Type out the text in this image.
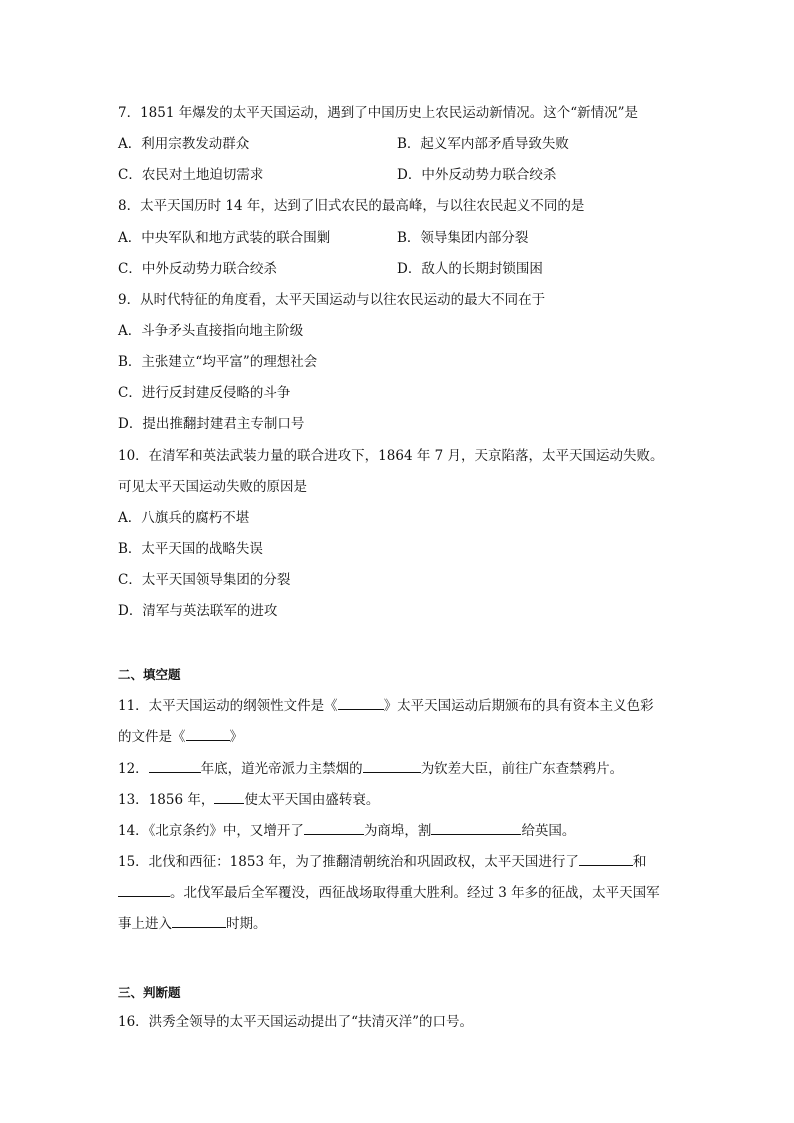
7．1851 年爆发的太平天国运动，遇到了中国历史上农民运动新情况。这个“新情况”是
A．利用宗教发动群众	B．起义军内部矛盾导致失败
C．农民对土地迫切需求	D．中外反动势力联合绞杀
8．太平天国历时 14 年，达到了旧式农民的最高峰，与以往农民起义不同的是
A．中央军队和地方武装的联合围剿	B．领导集团内部分裂
C．中外反动势力联合绞杀	D．敌人的长期封锁围困
9．从时代特征的角度看，太平天国运动与以往农民运动的最大不同在于
A．斗争矛头直接指向地主阶级
B．主张建立“均平富”的理想社会
C．进行反封建反侵略的斗争
D．提出推翻封建君主专制口号
10．在清军和英法武装力量的联合进攻下，1864 年 7 月，天京陷落，太平天国运动失败。
可见太平天国运动失败的原因是
A．八旗兵的腐朽不堪
B．太平天国的战略失误
C．太平天国领导集团的分裂
D．清军与英法联军的进攻
二、填空题
11．太平天国运动的纲领性文件是《	》太平天国运动后期颁布的具有资本主义色彩
的文件是《	》
12．	年底，道光帝派力主禁烟的	为钦差大臣，前往广东查禁鸦片。
13．1856 年， 使太平天国由盛转衰。
14．《北京条约》中，又增开了	为商埠，割	给英国。
15．北伐和西征：1853 年，为了推翻清朝统治和巩固政权，太平天国进行了	和
。北伐军最后全军覆没，西征战场取得重大胜利。经过 3 年多的征战，太平天国军
事上进入	时期。
三、判断题
16．洪秀全领导的太平天国运动提出了“扶清灭洋”的口号。
